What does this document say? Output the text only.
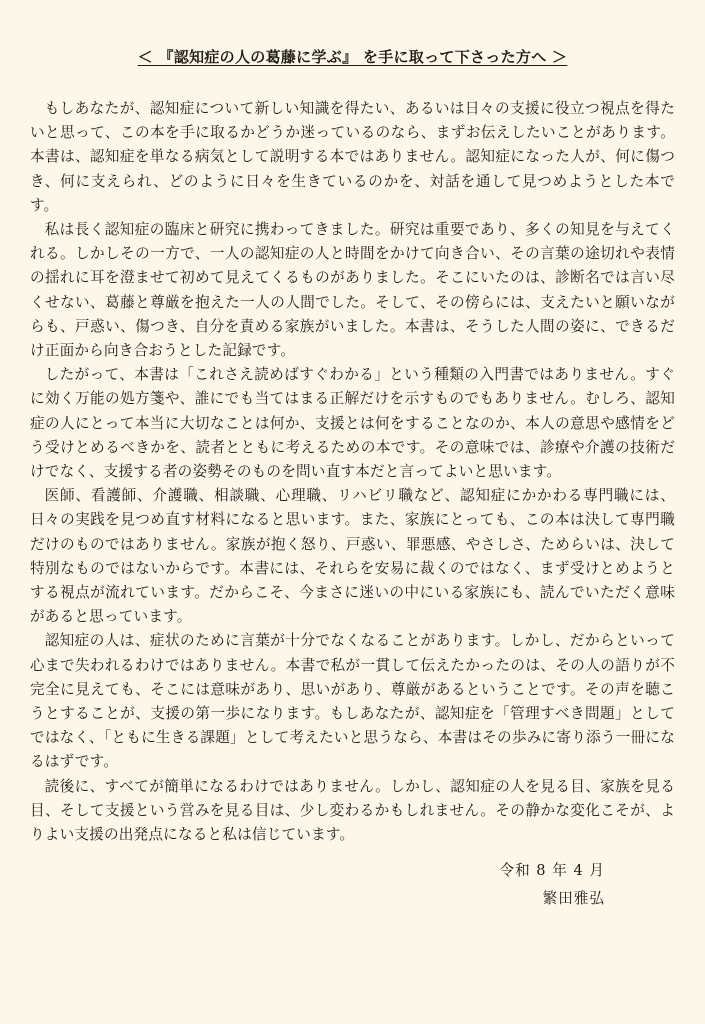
＜ 『認知症の人の葛藤に学ぶ』 を手に取って下さった方へ ＞

もしあなたが、認知症について新しい知識を得たい、あるいは日々の支援に役立つ視点を得たいと思って、この本を手に取るかどうか迷っているのなら、まずお伝えしたいことがあります。本書は、認知症を単なる病気として説明する本ではありません。認知症になった人が、何に傷つき、何に支えられ、どのように日々を生きているのかを、対話を通して見つめようとした本です。

私は長く認知症の臨床と研究に携わってきました。研究は重要であり、多くの知見を与えてくれる。しかしその一方で、一人の認知症の人と時間をかけて向き合い、その言葉の途切れや表情の揺れに耳を澄ませて初めて見えてくるものがありました。そこにいたのは、診断名では言い尽くせない、葛藤と尊厳を抱えた一人の人間でした。そして、その傍らには、支えたいと願いながらも、戸惑い、傷つき、自分を責める家族がいました。本書は、そうした人間の姿に、できるだけ正面から向き合おうとした記録です。

したがって、本書は「これさえ読めばすぐわかる」という種類の入門書ではありません。すぐに効く万能の処方箋や、誰にでも当てはまる正解だけを示すものでもありません。むしろ、認知症の人にとって本当に大切なことは何か、支援とは何をすることなのか、本人の意思や感情をどう受けとめるべきかを、読者とともに考えるための本です。その意味では、診療や介護の技術だけでなく、支援する者の姿勢そのものを問い直す本だと言ってよいと思います。

医師、看護師、介護職、相談職、心理職、リハビリ職など、認知症にかかわる専門職には、日々の実践を見つめ直す材料になると思います。また、家族にとっても、この本は決して専門職だけのものではありません。家族が抱く怒り、戸惑い、罪悪感、やさしさ、ためらいは、決して特別なものではないからです。本書には、それらを安易に裁くのではなく、まず受けとめようとする視点が流れています。だからこそ、今まさに迷いの中にいる家族にも、読んでいただく意味があると思っています。

認知症の人は、症状のために言葉が十分でなくなることがあります。しかし、だからといって心まで失われるわけではありません。本書で私が一貫して伝えたかったのは、その人の語りが不完全に見えても、そこには意味があり、思いがあり、尊厳があるということです。その声を聴こうとすることが、支援の第一歩になります。もしあなたが、認知症を「管理すべき問題」としてではなく、「ともに生きる課題」として考えたいと思うなら、本書はその歩みに寄り添う一冊になるはずです。

読後に、すべてが簡単になるわけではありません。しかし、認知症の人を見る目、家族を見る目、そして支援という営みを見る目は、少し変わるかもしれません。その静かな変化こそが、よりよい支援の出発点になると私は信じています。

令和 8 年 4 月
繁田雅弘
